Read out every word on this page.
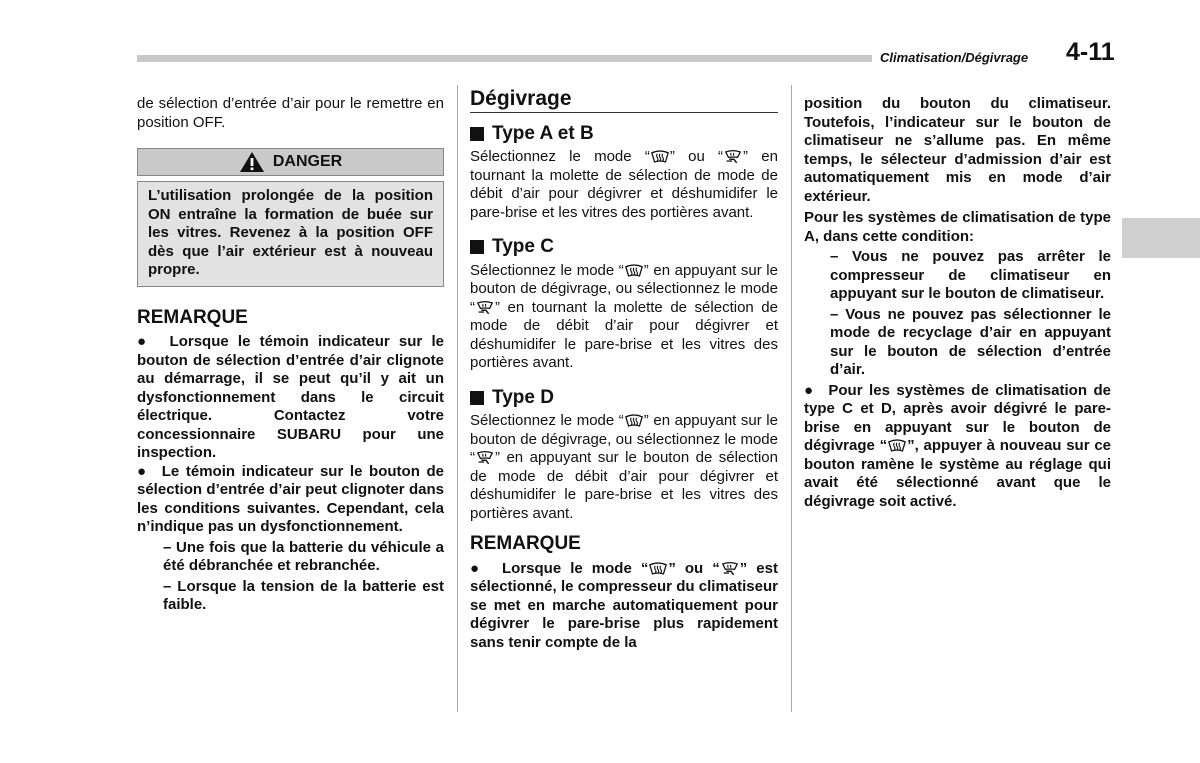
Climatisation/Dégivrage 4-11

de sélection d’entrée d’air pour le remettre en position OFF.

DANGER
L’utilisation prolongée de la position ON entraîne la formation de buée sur les vitres. Revenez à la position OFF dès que l’air extérieur est à nouveau propre.
REMARQUE

●  Lorsque le témoin indicateur sur le bouton de sélection d’entrée d’air clignote au démarrage, il se peut qu’il y ait un dysfonctionnement dans le circuit électrique. Contactez votre concessionnaire SUBARU pour une inspection.

●  Le témoin indicateur sur le bouton de sélection d’entrée d’air peut clignoter dans les conditions suivantes. Cependant, cela n’indique pas un dysfonctionnement.

– Une fois que la batterie du véhicule a été débranchée et rebranchée.

– Lorsque la tension de la batterie est faible.

Dégivrage
Type A et B

Sélectionnez le mode “ ” ou “ ” en tournant la molette de sélection de mode de débit d’air pour dégivrer et déshumidifer le pare-brise et les vitres des portières avant.

Type C

Sélectionnez le mode “ ” en appuyant sur le bouton de dégivrage, ou sélectionnez le mode “ ” en tournant la molette de sélection de mode de débit d’air pour dégivrer et déshumidifer le pare-brise et les vitres des portières avant.

Type D

Sélectionnez le mode “ ” en appuyant sur le bouton de dégivrage, ou sélectionnez le mode “ ” en appuyant sur le bouton de sélection de mode de débit d’air pour dégivrer et déshumidifer le pare-brise et les vitres des portières avant.

REMARQUE

●  Lorsque le mode “ ” ou “ ” est sélectionné, le compresseur du climatiseur se met en marche automatiquement pour dégivrer le pare-brise plus rapidement sans tenir compte de la

position du bouton du climatiseur. Toutefois, l’indicateur sur le bouton de climatiseur ne s’allume pas. En même temps, le sélecteur d’admission d’air est automatiquement mis en mode d’air extérieur.

Pour les systèmes de climatisation de type A, dans cette condition:

– Vous ne pouvez pas arrêter le compresseur de climatiseur en appuyant sur le bouton de climatiseur.

– Vous ne pouvez pas sélectionner le mode de recyclage d’air en appuyant sur le bouton de sélection d’entrée d’air.

●  Pour les systèmes de climatisation de type C et D, après avoir dégivré le pare-brise en appuyant sur le bouton de dégivrage “ ”, appuyer à nouveau sur ce bouton ramène le système au réglage qui avait été sélectionné avant que le dégivrage soit activé.
